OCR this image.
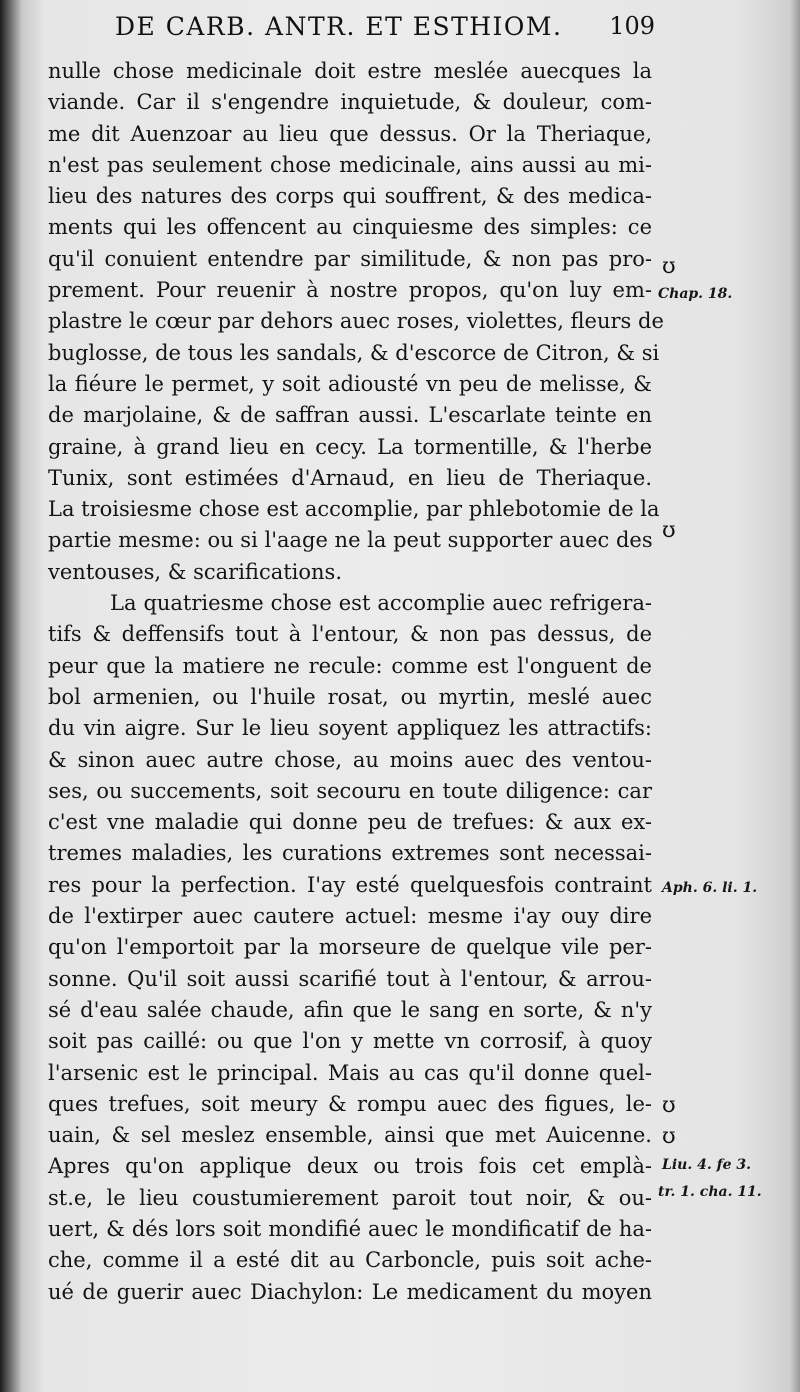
DE CARB. ANTR. ET ESTHIOM. 109
nulle chose medicinale doit estre meslée auecques la
viande. Car il s'engendre inquietude, & douleur, com-
me dit Auenzoar au lieu que dessus. Or la Theriaque,
n'est pas seulement chose medicinale, ains aussi au mi-
lieu des natures des corps qui souffrent, & des medica-
ments qui les offencent au cinquiesme des simples: ce
qu'il conuient entendre par similitude, & non pas pro-
prement. Pour reuenir à nostre propos, qu'on luy em-
plastre le cœur par dehors auec roses, violettes, fleurs de
buglosse, de tous les sandals, & d'escorce de Citron, & si
la fiéure le permet, y soit adiousté vn peu de melisse, &
de marjolaine, & de saffran aussi. L'escarlate teinte en
graine, à grand lieu en cecy. La tormentille, & l'herbe
Tunix, sont estimées d'Arnaud, en lieu de Theriaque.
La troisiesme chose est accomplie, par phlebotomie de la
partie mesme: ou si l'aage ne la peut supporter auec des
ventouses, & scarifications.
La quatriesme chose est accomplie auec refrigera-
tifs & deffensifs tout à l'entour, & non pas dessus, de
peur que la matiere ne recule: comme est l'onguent de
bol armenien, ou l'huile rosat, ou myrtin, meslé auec
du vin aigre. Sur le lieu soyent appliquez les attractifs:
& sinon auec autre chose, au moins auec des ventou-
ses, ou succements, soit secouru en toute diligence: car
c'est vne maladie qui donne peu de trefues: & aux ex-
tremes maladies, les curations extremes sont necessai-
res pour la perfection. I'ay esté quelquesfois contraint
de l'extirper auec cautere actuel: mesme i'ay ouy dire
qu'on l'emportoit par la morseure de quelque vile per-
sonne. Qu'il soit aussi scarifié tout à l'entour, & arrou-
sé d'eau salée chaude, afin que le sang en sorte, & n'y
soit pas caillé: ou que l'on y mette vn corrosif, à quoy
l'arsenic est le principal. Mais au cas qu'il donne quel-
ques trefues, soit meury & rompu auec des figues, le-
uain, & sel meslez ensemble, ainsi que met Auicenne.
Apres qu'on applique deux ou trois fois cet emplà-
st.e, le lieu coustumierement paroit tout noir, & ou-
uert, & dés lors soit mondifié auec le mondificatif de ha-
che, comme il a esté dit au Carboncle, puis soit ache-
ué de guerir auec Diachylon: Le medicament du moyen
ʊ
Chap. 18.
ʊ
Aph. 6. li. 1.
ʊ
ʊ
Liu. 4. fe 3.
tr. 1. cha. 11.
